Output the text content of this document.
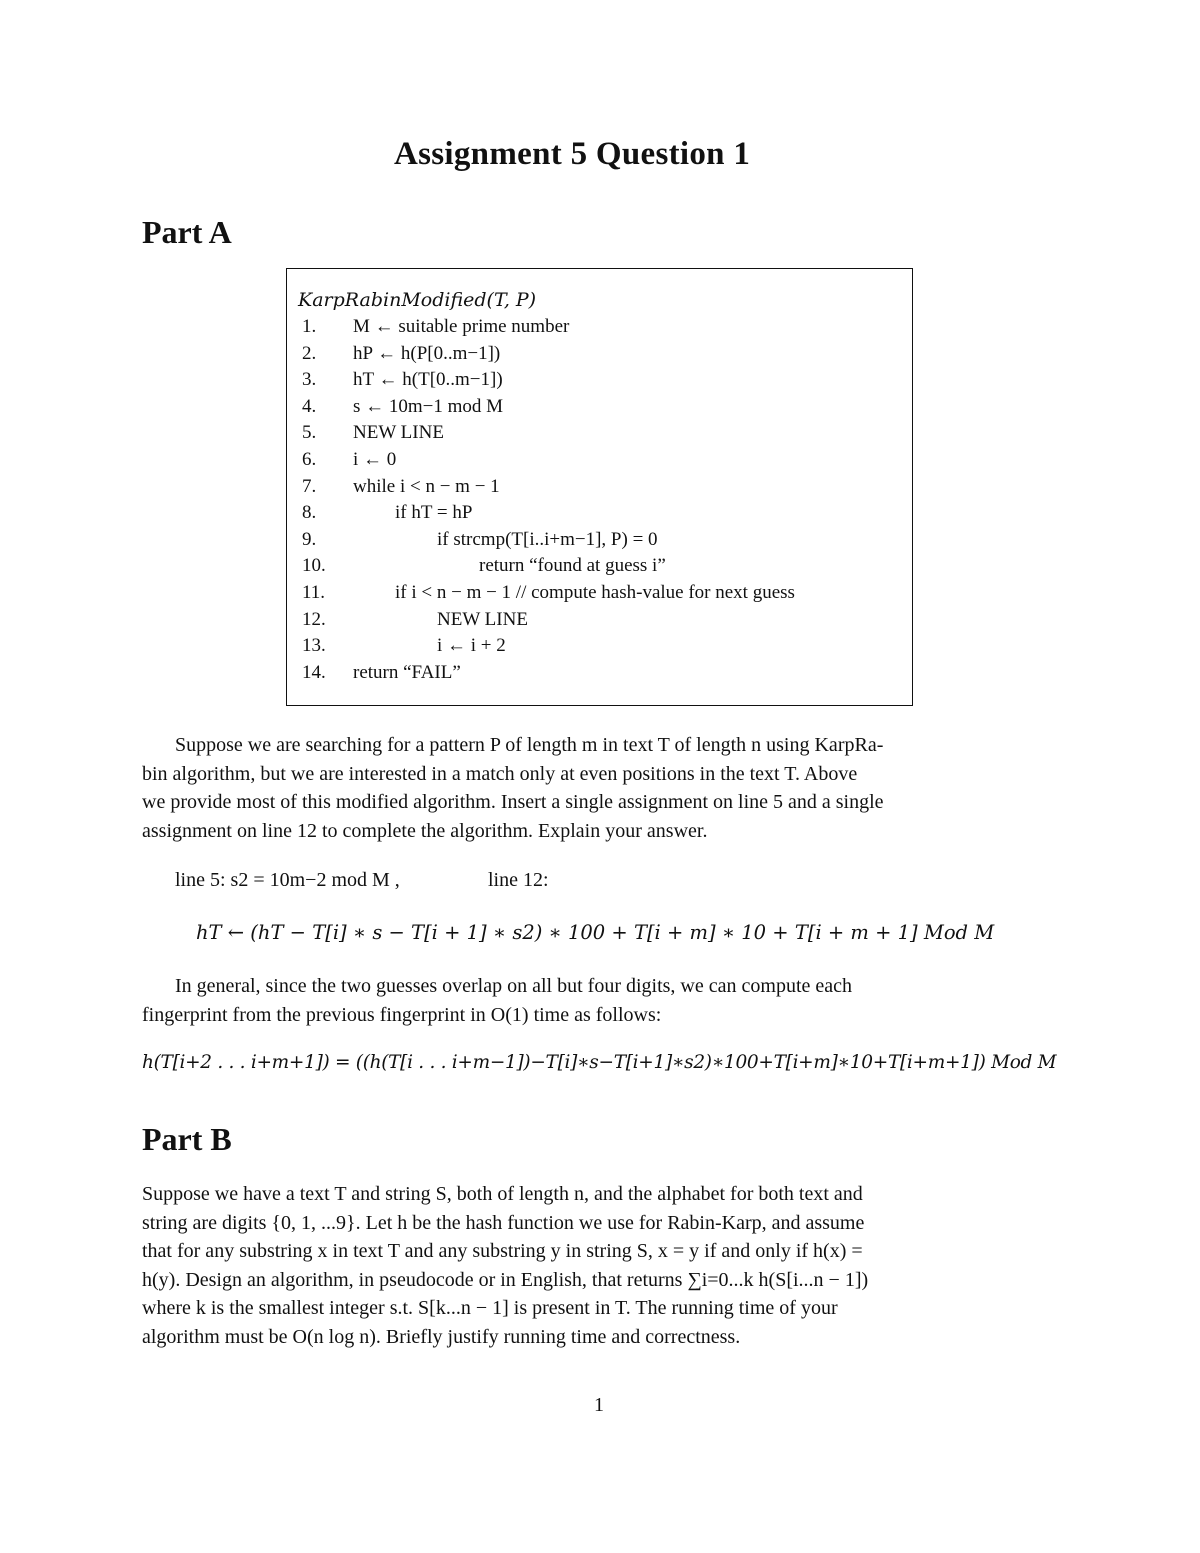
Assignment 5 Question 1
Part A
KarpRabinModified(T, P)
1. M ← suitable prime number
2. hP ← h(P[0..m−1])
3. hT ← h(T[0..m−1])
4. s ← 10m−1 mod M
5. NEW LINE
6. i ← 0
7. while i < n − m − 1
8.	if hT = hP
9.	if strcmp(T[i..i+m−1], P) = 0
10.	return “found at guess i”
11.	if i < n − m − 1 // compute hash-value for next guess
12.	NEW LINE
13.	i ← i + 2
14. return “FAIL”
Suppose we are searching for a pattern P of length m in text T of length n using KarpRa-
bin algorithm, but we are interested in a match only at even positions in the text T. Above
we provide most of this modified algorithm. Insert a single assignment on line 5 and a single
assignment on line 12 to complete the algorithm. Explain your answer.
line 5: s2 = 10m−2 mod M ,	line 12:
hT ← (hT − T[i] ∗ s − T[i + 1] ∗ s2) ∗ 100 + T[i + m] ∗ 10 + T[i + m + 1] Mod M
In general, since the two guesses overlap on all but four digits, we can compute each
fingerprint from the previous fingerprint in O(1) time as follows:
h(T[i+2 . . . i+m+1]) = ((h(T[i . . . i+m−1])−T[i]∗s−T[i+1]∗s2)∗100+T[i+m]∗10+T[i+m+1]) Mod M
Part B
Suppose we have a text T and string S, both of length n, and the alphabet for both text and
string are digits {0, 1, ...9}. Let h be the hash function we use for Rabin-Karp, and assume
that for any substring x in text T and any substring y in string S, x = y if and only if h(x) =
h(y). Design an algorithm, in pseudocode or in English, that returns ∑i=0...k h(S[i...n − 1])
where k is the smallest integer s.t. S[k...n − 1] is present in T. The running time of your
algorithm must be O(n log n). Briefly justify running time and correctness.
1
